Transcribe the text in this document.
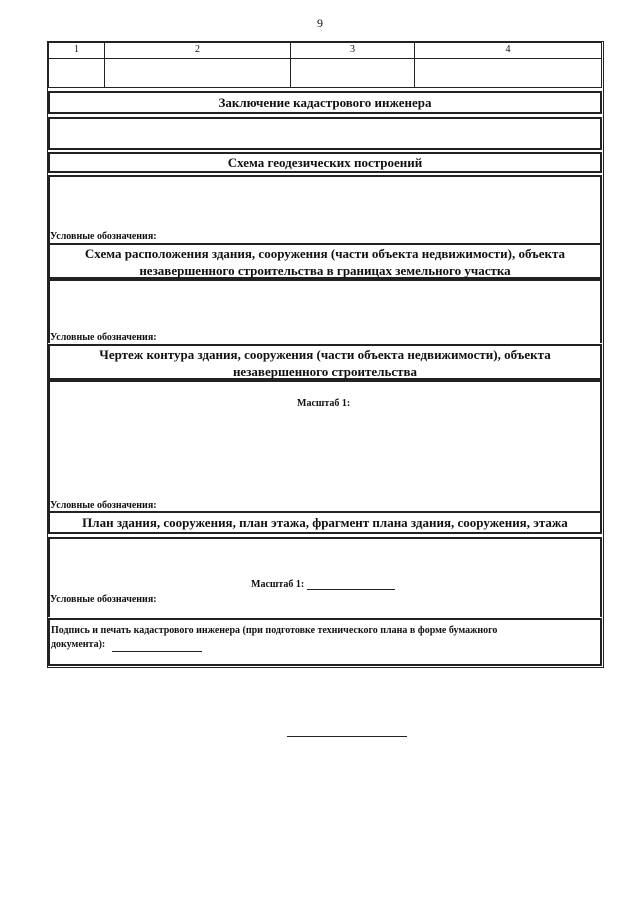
9
1	2	3	4
Заключение кадастрового инженера
Схема геодезических построений
Условные обозначения:
Схема расположения здания, сооружения (части объекта недвижимости), объекта
незавершенного строительства в границах земельного участка
Условные обозначения:
Чертеж контура здания, сооружения (части объекта недвижимости), объекта
незавершенного строительства
Масштаб 1:
Условные обозначения:
План здания, сооружения, план этажа, фрагмент плана здания, сооружения, этажа
Масштаб 1:
Условные обозначения:
Подпись и печать кадастрового инженера (при подготовке технического плана в форме бумажного
документа):
